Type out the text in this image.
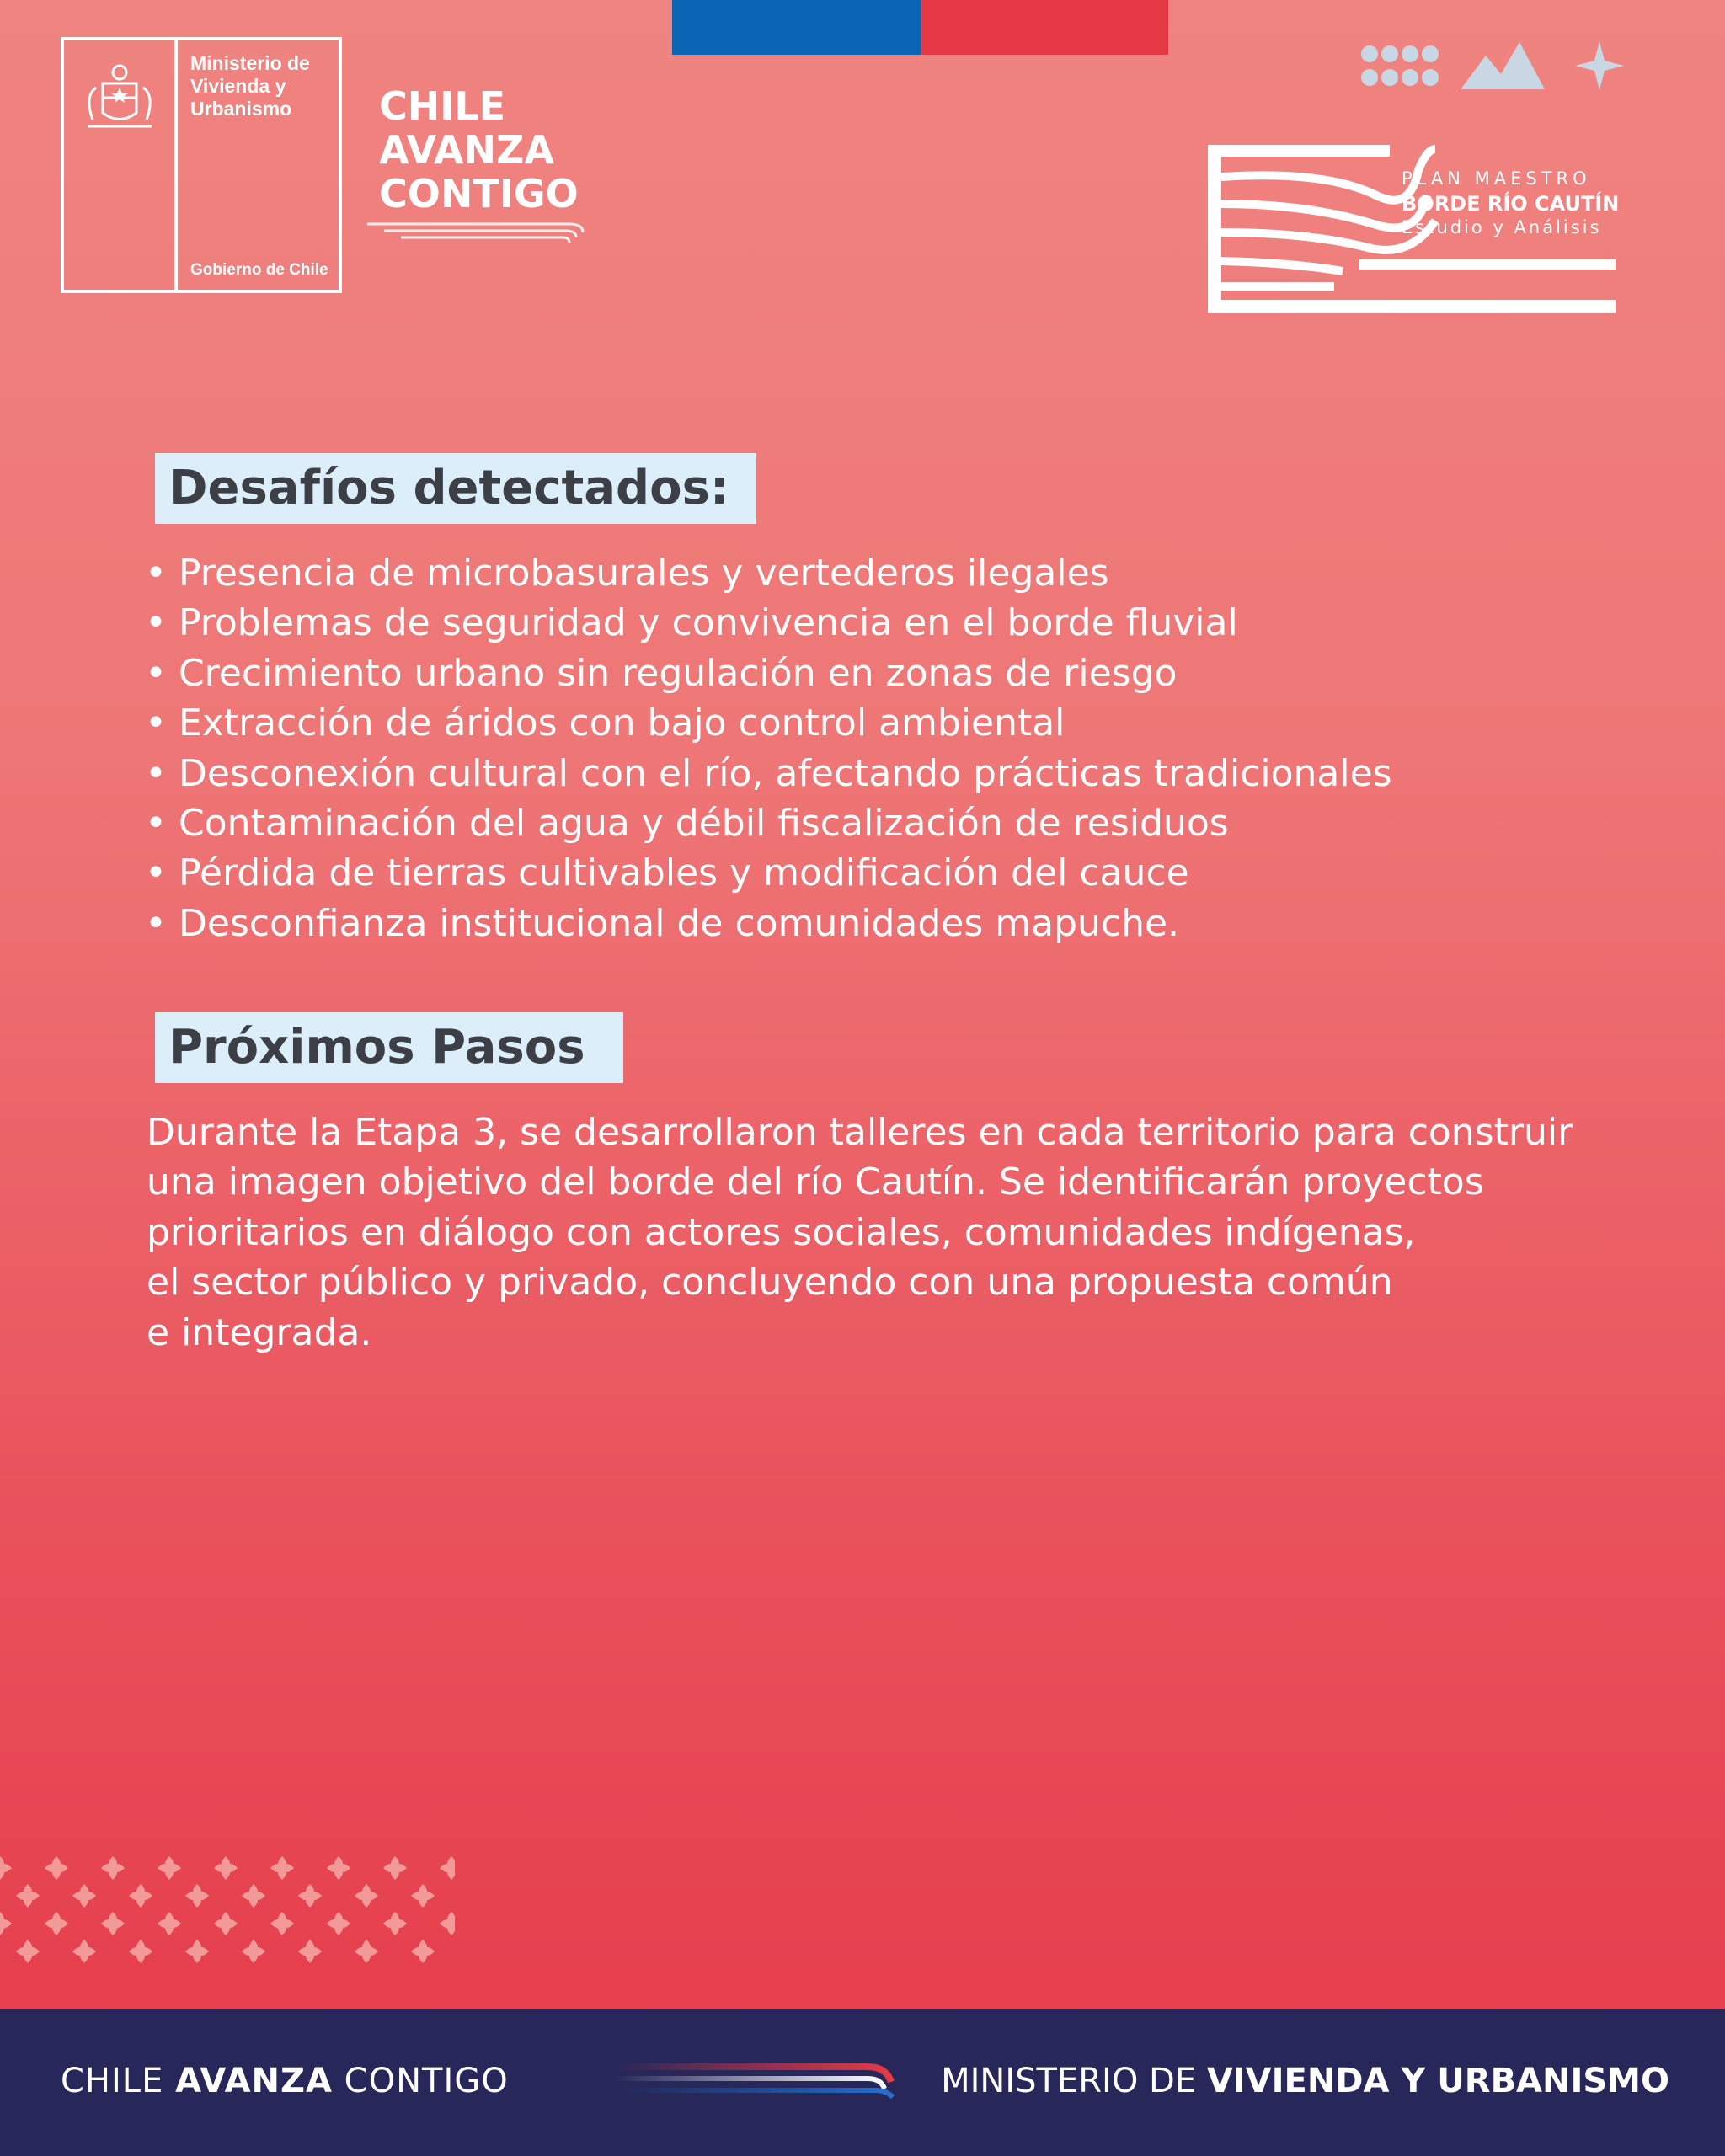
Ministerio de
Vivienda y
Urbanismo
Gobierno de Chile
CHILE
AVANZA
CONTIGO	PLAN MAESTRO
BORDE RÍO CAUTÍN
Estudio y Análisis
Desafíos detectados:
• Presencia de microbasurales y vertederos ilegales
• Problemas de seguridad y convivencia en el borde fluvial
• Crecimiento urbano sin regulación en zonas de riesgo
• Extracción de áridos con bajo control ambiental
• Desconexión cultural con el río, afectando prácticas tradicionales
• Contaminación del agua y débil fiscalización de residuos
• Pérdida de tierras cultivables y modificación del cauce
• Desconfianza institucional de comunidades mapuche.
Próximos Pasos

Durante la Etapa 3, se desarrollaron talleres en cada territorio para construir
una imagen objetivo del borde del río Cautín. Se identificarán proyectos
prioritarios en diálogo con actores sociales, comunidades indígenas,
el sector público y privado, concluyendo con una propuesta común
e integrada.

CHILE AVANZA CONTIGO	MINISTERIO DE VIVIENDA Y URBANISMO
